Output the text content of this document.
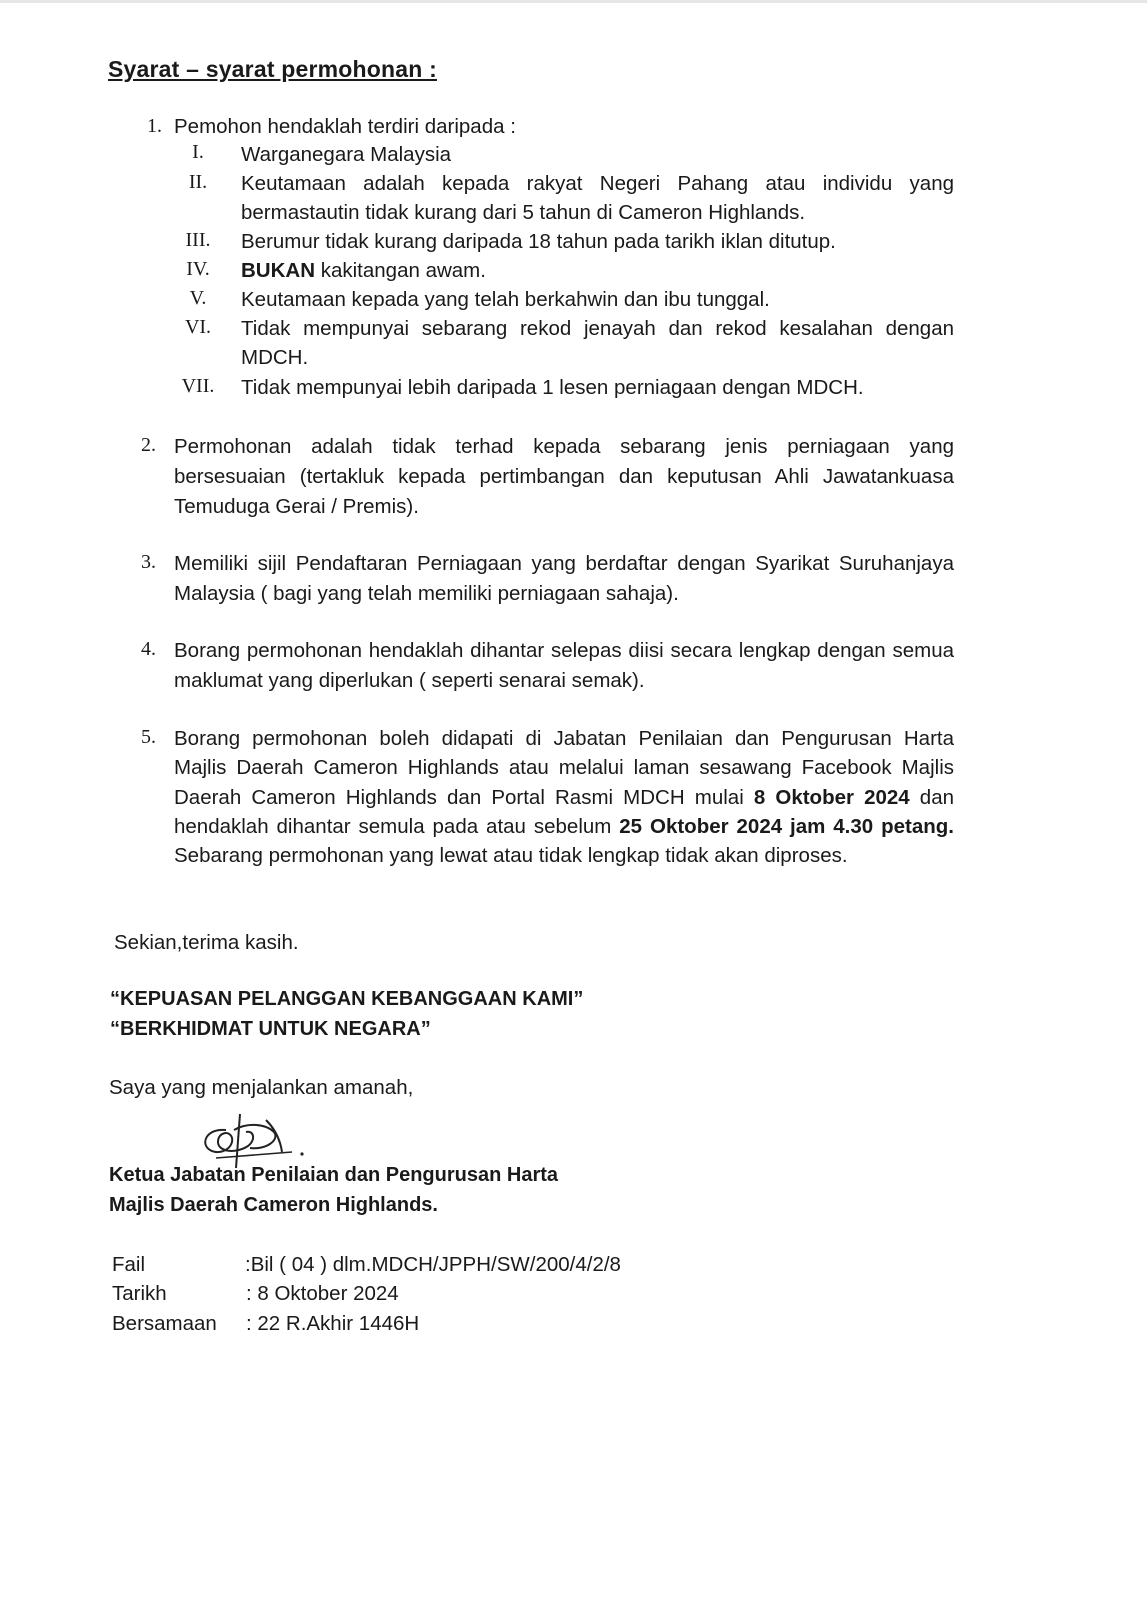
Syarat – syarat permohonan :
1. Pemohon hendaklah terdiri daripada :
I.	Warganegara Malaysia
II.	Keutamaan adalah kepada rakyat Negeri Pahang atau individu yang
bermastautin tidak kurang dari 5 tahun di Cameron Highlands.
III.	Berumur tidak kurang daripada 18 tahun pada tarikh iklan ditutup.
IV.	BUKAN kakitangan awam.
V.	Keutamaan kepada yang telah berkahwin dan ibu tunggal.
VI.	Tidak mempunyai sebarang rekod jenayah dan rekod kesalahan dengan
MDCH.
VII.	Tidak mempunyai lebih daripada 1 lesen perniagaan dengan MDCH.
2. Permohonan adalah tidak terhad kepada sebarang jenis perniagaan yang bersesuaian (tertakluk kepada pertimbangan dan keputusan Ahli Jawatankuasa Temuduga Gerai / Premis).
3. Memiliki sijil Pendaftaran Perniagaan yang berdaftar dengan Syarikat Suruhanjaya Malaysia ( bagi yang telah memiliki perniagaan sahaja).
4. Borang permohonan hendaklah dihantar selepas diisi secara lengkap dengan semua maklumat yang diperlukan ( seperti senarai semak).
5. Borang permohonan boleh didapati di Jabatan Penilaian dan Pengurusan Harta Majlis Daerah Cameron Highlands atau melalui laman sesawang Facebook Majlis Daerah Cameron Highlands dan Portal Rasmi MDCH mulai 8 Oktober 2024 dan hendaklah dihantar semula pada atau sebelum 25 Oktober 2024 jam 4.30 petang. Sebarang permohonan yang lewat atau tidak lengkap tidak akan diproses.
Sekian,terima kasih.
“KEPUASAN PELANGGAN KEBANGGAAN KAMI”
“BERKHIDMAT UNTUK NEGARA”
Saya yang menjalankan amanah,
Ketua Jabatan Penilaian dan Pengurusan Harta
Majlis Daerah Cameron Highlands.
Fail	:Bil ( 04 ) dlm.MDCH/JPPH/SW/200/4/2/8
Tarikh	: 8 Oktober 2024
Bersamaan : 22 R.Akhir 1446H
